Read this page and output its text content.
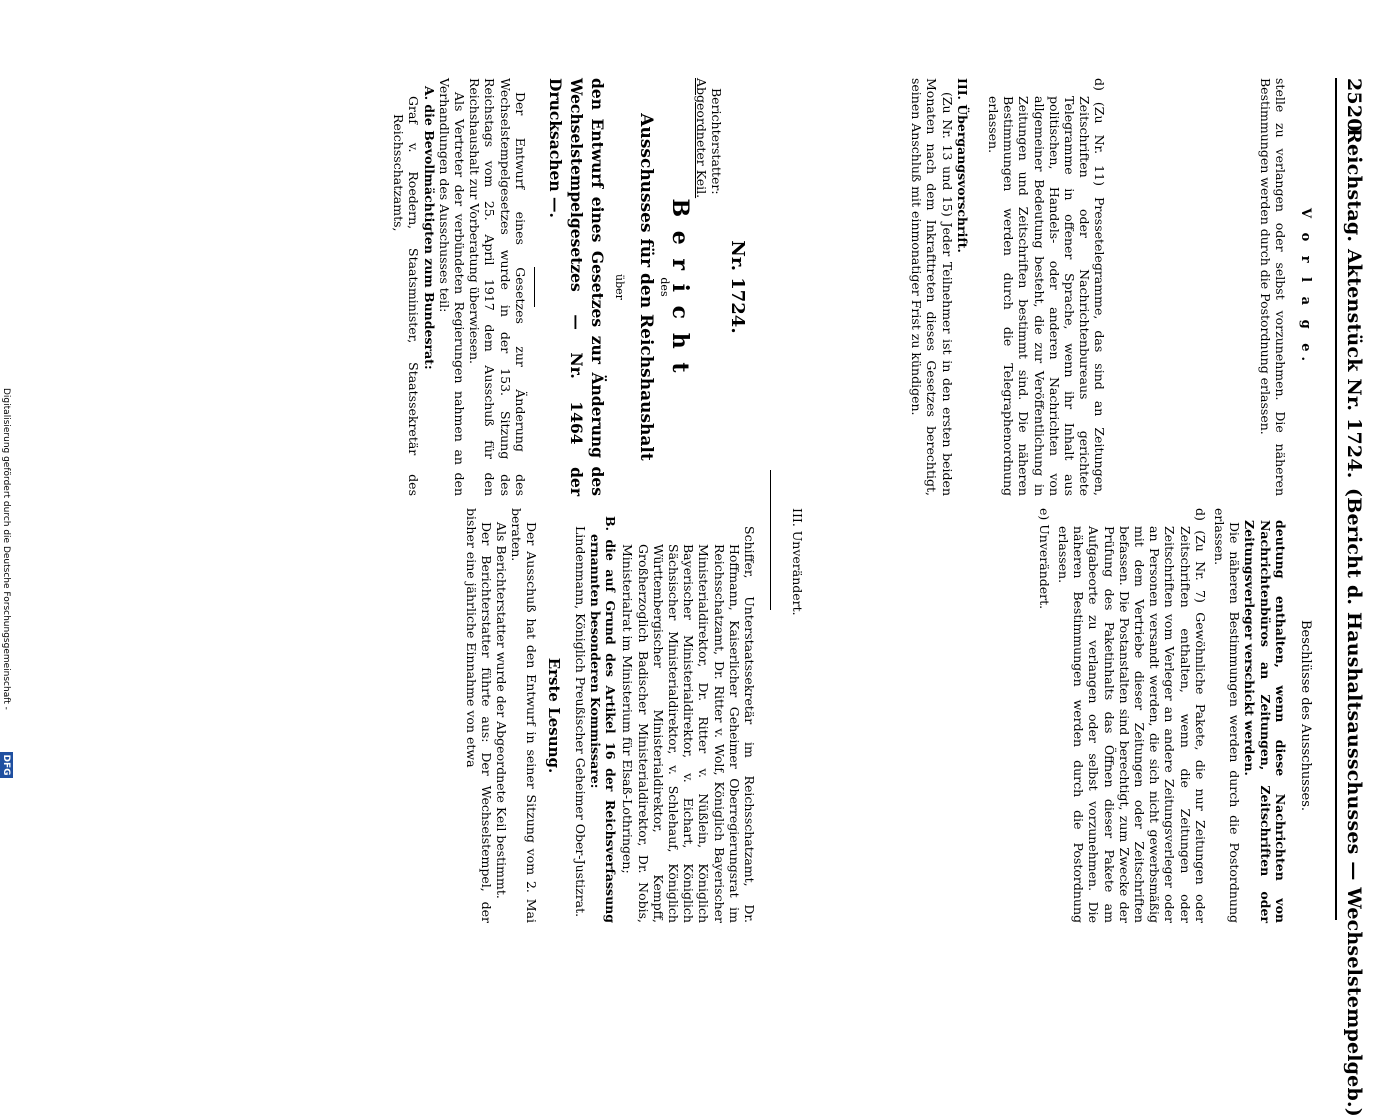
2520
Reichstag. Aktenstück Nr. 1724.
(Bericht d. Haushaltsausschusses — Wechselstempelgeb.)

V o r l a g e.

stelle zu verlangen oder selbst vorzunehmen. Die näheren Bestimmungen werden durch die Postordnung erlassen.

d) (Zu Nr. 11) Pressetelegramme, das sind an Zeitungen, Zeitschriften oder Nachrichtenbureaus gerichtete Telegramme in offener Sprache, wenn ihr Inhalt aus politischen, Handels- oder anderen Nachrichten von allgemeiner Bedeutung besteht, die zur Veröffentlichung in Zeitungen und Zeitschriften bestimmt sind. Die näheren Bestimmungen werden durch die Telegraphenordnung erlassen.

III. Übergangsvorschrift.

(Zu Nr. 13 und 15) Jeder Teilnehmer ist in den ersten beiden Monaten nach dem Inkrafttreten dieses Gesetzes berechtigt, seinen Anschluß mit einmonatiger Frist zu kündigen.

Beschlüsse des Ausschusses.

deutung enthalten, wenn diese Nachrichten von Nachrichtenbüros an Zeitungen, Zeitschriften oder Zeitungsverleger verschickt werden.

Die näheren Bestimmungen werden durch die Postordnung erlassen.

d) (Zu Nr. 7) Gewöhnliche Pakete, die nur Zeitungen oder Zeitschriften enthalten, wenn die Zeitungen oder Zeitschriften vom Verleger an andere Zeitungsverleger oder an Personen versandt werden, die sich nicht gewerbsmäßig mit dem Vertriebe dieser Zeitungen oder Zeitschriften befassen. Die Postanstalten sind berechtigt, zum Zwecke der Prüfung des Paketinhalts das Öffnen dieser Pakete am Aufgabeorte zu verlangen oder selbst vorzunehmen. Die näheren Bestimmungen werden durch die Postordnung erlassen.

e) Unverändert.

III. Unverändert.

Nr. 1724.

Berichterstatter:

Abgeordneter Keil.

B e r i c h t

des

Ausschusses für den Reichshaushalt

über

den Entwurf eines Gesetzes zur Änderung des Wechselstempelgesetzes — Nr. 1464 der Drucksachen —.

Der Entwurf eines Gesetzes zur Änderung des Wechselstempelgesetzes wurde in der 153. Sitzung des Reichstags vom 25. April 1917 dem Ausschuß für den Reichshaushalt zur Vorberatung überwiesen.

Als Vertreter der verbündeten Regierungen nahmen an den Verhandlungen des Ausschusses teil:

A. die Bevollmächtigten zum Bundesrat:

Graf v. Roedern, Staatsminister, Staatssekretär des Reichsschatzamts,

Schiffer, Unterstaatssekretär im Reichsschatzamt, Dr. Hoffmann, Kaiserlicher Geheimer Oberregierungsrat im Reichsschatzamt, Dr. Ritter v. Wolf, Königlich Bayerischer Ministerialdirektor, Dr. Ritter v. Nüßlein, Königlich Bayerischer Ministerialdirektor, v. Eichart, Königlich Sächsischer Ministerialdirektor, v. Schlehauf, Königlich Württembergischer Ministerialdirektor, Kempff, Großherzoglich Badischer Ministerialdirektor, Dr. Nobis, Ministerialrat im Ministerium für Elsaß-Lothringen;

B. die auf Grund des Artikel 16 der Reichsverfassung ernannten besonderen Kommissare:

Lindenmann, Königlich Preußischer Geheimer Ober-Justizrat.

Erste Lesung.

Der Ausschuß hat den Entwurf in seiner Sitzung vom 2. Mai beraten.

Als Berichterstatter wurde der Abgeordnete Keil bestimmt.

Der Berichterstatter führte aus: Der Wechselstempel, der bisher eine jährliche Einnahme von etwa

Digitalisierung gefördert durch die Deutsche Forschungsgemeinschaft -
DFG
